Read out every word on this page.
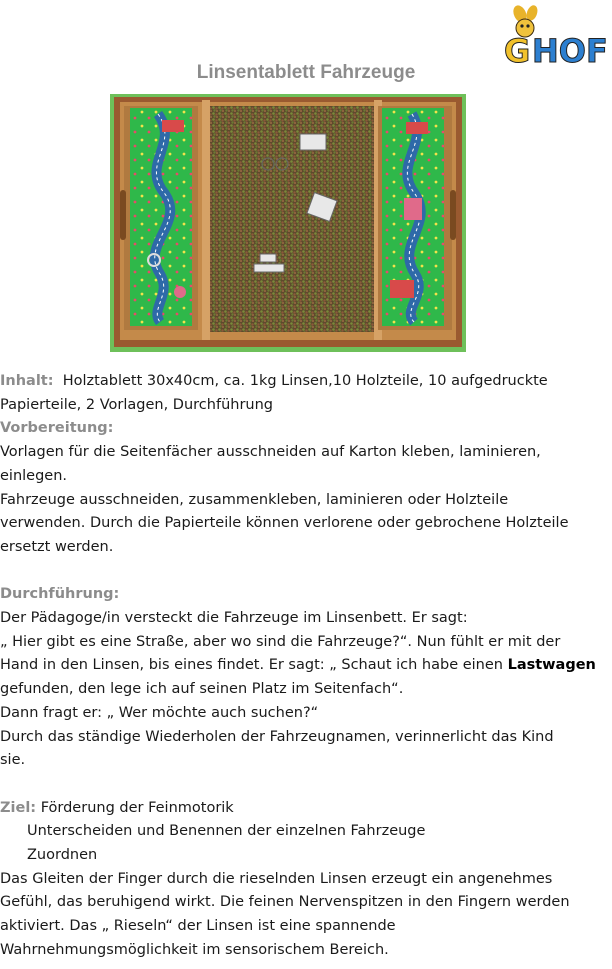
G HOF
Linsentablett Fahrzeuge

Inhalt: Holztablett 30x40cm, ca. 1kg Linsen,10 Holzteile, 10 aufgedruckte

Papierteile, 2 Vorlagen, Durchführung

Vorbereitung:

Vorlagen für die Seitenfächer ausschneiden auf Karton kleben, laminieren,

einlegen.

Fahrzeuge ausschneiden, zusammenkleben, laminieren oder Holzteile

verwenden. Durch die Papierteile können verlorene oder gebrochene Holzteile

ersetzt werden.

Durchführung:

Der Pädagoge/in versteckt die Fahrzeuge im Linsenbett. Er sagt:

„ Hier gibt es eine Straße, aber wo sind die Fahrzeuge?“. Nun fühlt er mit der

Hand in den Linsen, bis eines findet. Er sagt: „ Schaut ich habe einen Lastwagen

gefunden, den lege ich auf seinen Platz im Seitenfach“.

Dann fragt er: „ Wer möchte auch suchen?“

Durch das ständige Wiederholen der Fahrzeugnamen, verinnerlicht das Kind

sie.

Ziel: Förderung der Feinmotorik

Unterscheiden und Benennen der einzelnen Fahrzeuge

Zuordnen

Das Gleiten der Finger durch die rieselnden Linsen erzeugt ein angenehmes

Gefühl, das beruhigend wirkt. Die feinen Nervenspitzen in den Fingern werden

aktiviert. Das „ Rieseln“ der Linsen ist eine spannende

Wahrnehmungsmöglichkeit im sensorischem Bereich.
